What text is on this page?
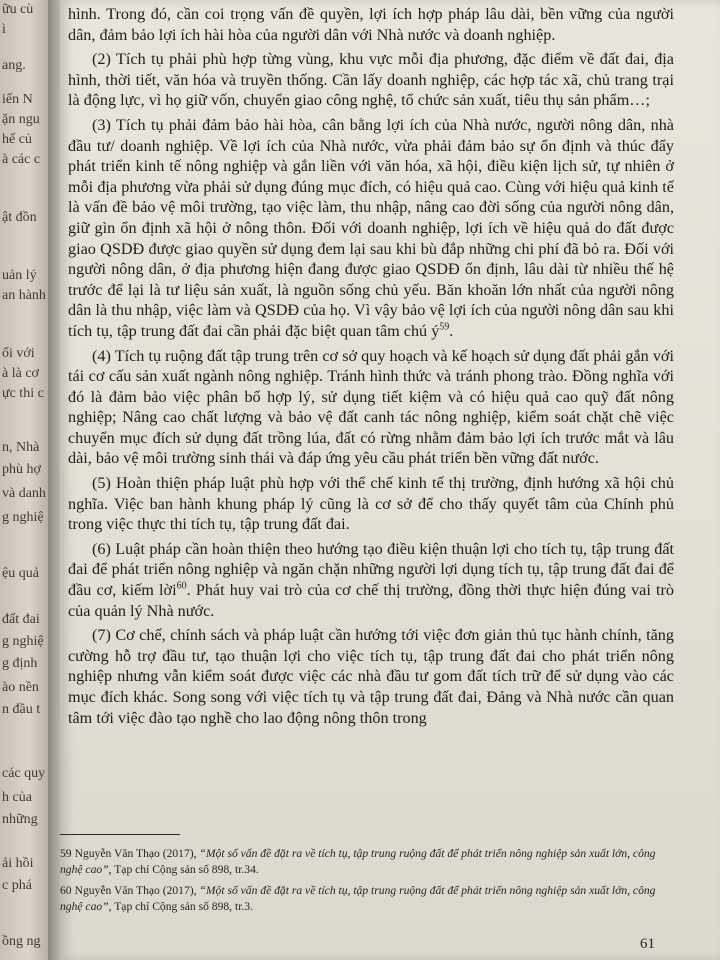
ữu cù
ì
ang.
iến N
ặn ngu
hế củ
à các c
ật đồn
uản lý
an hành
ối với
à là cơ
ực thi c
n, Nhà
phù hợ
và danh
g nghiệ
ệu quả
đất đai
g nghiệ
g định
ào nền
n đầu t
các quy
h của
những
ải hồi
c phá
ồng ng

hình. Trong đó, cần coi trọng vấn đề quyền, lợi ích hợp pháp lâu dài, bền vững của người dân, đảm bảo lợi ích hài hòa của người dân với Nhà nước và doanh nghiệp.

(2) Tích tụ phải phù hợp từng vùng, khu vực mỗi địa phương, đặc điểm về đất đai, địa hình, thời tiết, văn hóa và truyền thống. Cần lấy doanh nghiệp, các hợp tác xã, chủ trang trại là động lực, vì họ giữ vốn, chuyển giao công nghệ, tổ chức sản xuất, tiêu thụ sản phẩm…;

(3) Tích tụ phải đảm bảo hài hòa, cân bằng lợi ích của Nhà nước, người nông dân, nhà đầu tư/ doanh nghiệp. Về lợi ích của Nhà nước, vừa phải đảm bảo sự ổn định và thúc đẩy phát triển kinh tế nông nghiệp và gắn liền với văn hóa, xã hội, điều kiện lịch sử, tự nhiên ở mỗi địa phương vừa phải sử dụng đúng mục đích, có hiệu quả cao. Cùng với hiệu quả kinh tế là vấn đề bảo vệ môi trường, tạo việc làm, thu nhập, nâng cao đời sống của người nông dân, giữ gìn ổn định xã hội ở nông thôn. Đối với doanh nghiệp, lợi ích về hiệu quả do đất được giao QSDĐ được giao quyền sử dụng đem lại sau khi bù đắp những chi phí đã bỏ ra. Đối với người nông dân, ở địa phương hiện đang được giao QSDĐ ổn định, lâu dài từ nhiều thế hệ trước để lại là tư liệu sản xuất, là nguồn sống chủ yếu. Băn khoăn lớn nhất của người nông dân là thu nhập, việc làm và QSDĐ của họ. Vì vậy bảo vệ lợi ích của người nông dân sau khi tích tụ, tập trung đất đai cần phải đặc biệt quan tâm chú $ý^{59}$.

(4) Tích tụ ruộng đất tập trung trên cơ sở quy hoạch và kế hoạch sử dụng đất phải gắn với tái cơ cấu sản xuất ngành nông nghiệp. Tránh hình thức và tránh phong trào. Đồng nghĩa với đó là đảm bảo việc phân bổ hợp lý, sử dụng tiết kiệm và có hiệu quả cao quỹ đất nông nghiệp; Nâng cao chất lượng và bảo vệ đất canh tác nông nghiệp, kiểm soát chặt chẽ việc chuyển mục đích sử dụng đất trồng lúa, đất có rừng nhằm đảm bảo lợi ích trước mắt và lâu dài, bảo vệ môi trường sinh thái và đáp ứng yêu cầu phát triển bền vững đất nước.

(5) Hoàn thiện pháp luật phù hợp với thể chế kinh tế thị trường, định hướng xã hội chủ nghĩa. Việc ban hành khung pháp lý cũng là cơ sở để cho thấy quyết tâm của Chính phủ trong việc thực thi tích tụ, tập trung đất đai.

(6) Luật pháp cần hoàn thiện theo hướng tạo điều kiện thuận lợi cho tích tụ, tập trung đất đai để phát triển nông nghiệp và ngăn chặn những người lợi dụng tích tụ, tập trung đất đai để đầu cơ, kiếm lời$^{60}$. Phát huy vai trò của cơ chế thị trường, đồng thời thực hiện đúng vai trò của quản lý Nhà nước.

(7) Cơ chế, chính sách và pháp luật cần hướng tới việc đơn giản thủ tục hành chính, tăng cường hỗ trợ đầu tư, tạo thuận lợi cho việc tích tụ, tập trung đất đai cho phát triển nông nghiệp nhưng vẫn kiểm soát được việc các nhà đầu tư gom đất tích trữ để sử dụng vào các mục đích khác. Song song với việc tích tụ và tập trung đất đai, Đảng và Nhà nước cần quan tâm tới việc đào tạo nghề cho lao động nông thôn trong

59 Nguyễn Văn Thạo (2017), “Một số vấn đề đặt ra về tích tụ, tập trung ruộng đất để phát triển nông nghiệp sản xuất lớn, công nghệ cao”, Tạp chí Cộng sản số 898, tr.34.
60 Nguyễn Văn Thạo (2017), “Một số vấn đề đặt ra về tích tụ, tập trung ruộng đất để phát triển nông nghiệp sản xuất lớn, công nghệ cao”, Tạp chí Cộng sản số 898, tr.3.
61
